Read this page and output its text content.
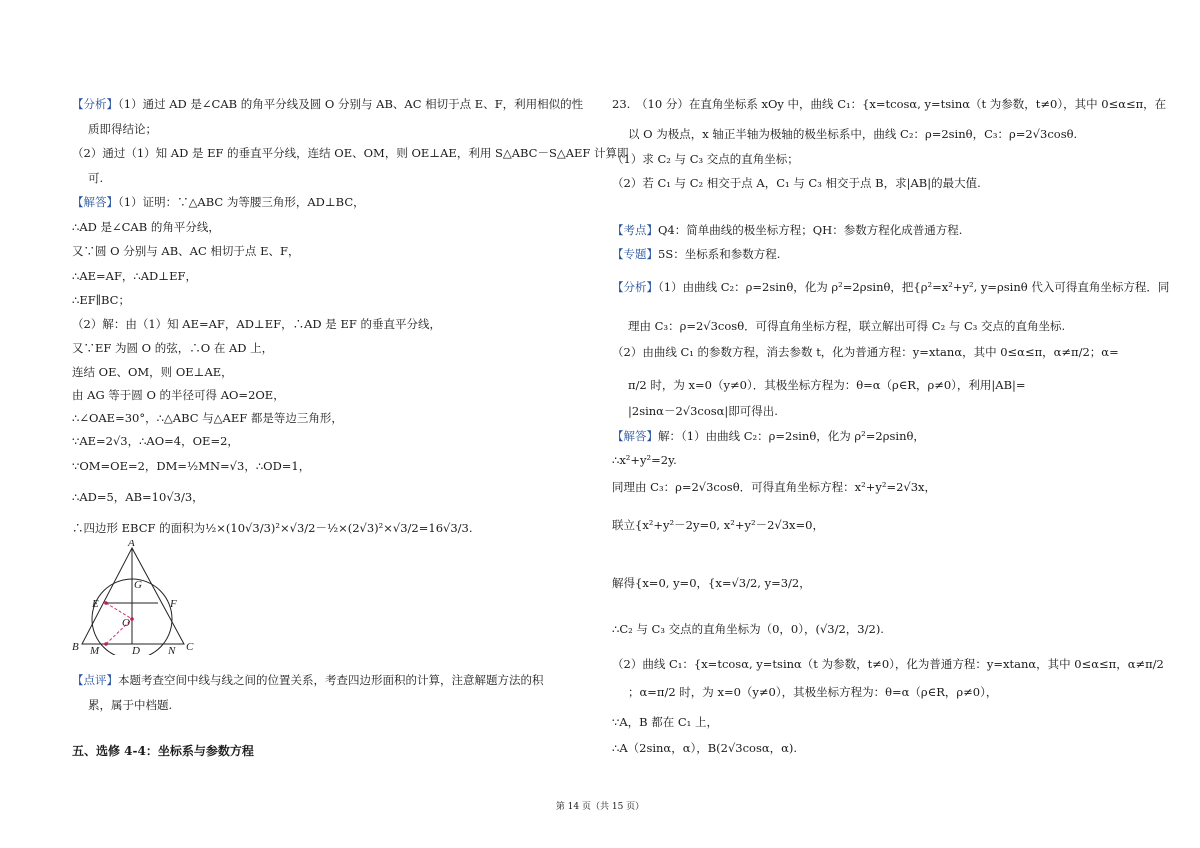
【分析】（1）通过 AD 是∠CAB 的角平分线及圆 O 分别与 AB、AC 相切于点 E、F，利用相似的性
质即得结论；
（2）通过（1）知 AD 是 EF 的垂直平分线，连结 OE、OM，则 OE⊥AE，利用 S△ABC－S△AEF 计算即
可.
【解答】（1）证明：∵△ABC 为等腰三角形，AD⊥BC，
∴AD 是∠CAB 的角平分线，
又∵圆 O 分别与 AB、AC 相切于点 E、F，
∴AE=AF，∴AD⊥EF，
∴EF∥BC；
（2）解：由（1）知 AE=AF，AD⊥EF，∴AD 是 EF 的垂直平分线，
又∵EF 为圆 O 的弦，∴O 在 AD 上，
连结 OE、OM，则 OE⊥AE，
由 AG 等于圆 O 的半径可得 AO=2OE，
∴∠OAE=30°，∴△ABC 与△AEF 都是等边三角形，
∵AE=2√3，∴AO=4，OE=2，
∵OM=OE=2，DM=½MN=√3，∴OD=1，
∴AD=5，AB=10√3/3，
∴四边形 EBCF 的面积为½×(10√3/3)²×√3/2－½×(2√3)²×√3/2=16√3/3.
A
G
E	F
O
B M	D	N C
【点评】本题考查空间中线与线之间的位置关系，考查四边形面积的计算，注意解题方法的积
累，属于中档题.
五、选修 4-4：坐标系与参数方程
23.　（10 分）在直角坐标系 xOy 中，曲线 C₁：{x=tcosα, y=tsinα（t 为参数，t≠0），其中 0≤α≤π，在
以 O 为极点，x 轴正半轴为极轴的极坐标系中，曲线 C₂：ρ=2sinθ，C₃：ρ=2√3cosθ.
（1）求 C₂ 与 C₃ 交点的直角坐标；
（2）若 C₁ 与 C₂ 相交于点 A，C₁ 与 C₃ 相交于点 B，求|AB|的最大值.
【考点】Q4：简单曲线的极坐标方程；QH：参数方程化成普通方程.
【专题】5S：坐标系和参数方程.
【分析】（1）由曲线 C₂：ρ=2sinθ，化为 ρ²=2ρsinθ，把{ρ²=x²+y², y=ρsinθ 代入可得直角坐标方程．同
理由 C₃：ρ=2√3cosθ．可得直角坐标方程，联立解出可得 C₂ 与 C₃ 交点的直角坐标.
（2）由曲线 C₁ 的参数方程，消去参数 t，化为普通方程：y=xtanα，其中 0≤α≤π，α≠π/2；α=
π/2 时，为 x=0（y≠0）．其极坐标方程为：θ=α（ρ∈R，ρ≠0），利用|AB|=
|2sinα－2√3cosα|即可得出.
【解答】解：（1）由曲线 C₂：ρ=2sinθ，化为 ρ²=2ρsinθ，
∴x²+y²=2y.
同理由 C₃：ρ=2√3cosθ．可得直角坐标方程：x²+y²=2√3x，
联立{x²+y²－2y=0, x²+y²－2√3x=0，
解得{x=0, y=0，{x=√3/2, y=3/2，
∴C₂ 与 C₃ 交点的直角坐标为（0，0），(√3/2，3/2).
（2）曲线 C₁：{x=tcosα, y=tsinα（t 为参数，t≠0），化为普通方程：y=xtanα，其中 0≤α≤π，α≠π/2
；α=π/2 时，为 x=0（y≠0），其极坐标方程为：θ=α（ρ∈R，ρ≠0），
∵A，B 都在 C₁ 上，
∴A（2sinα，α），B(2√3cosα，α).
第 14 页（共 15 页）
